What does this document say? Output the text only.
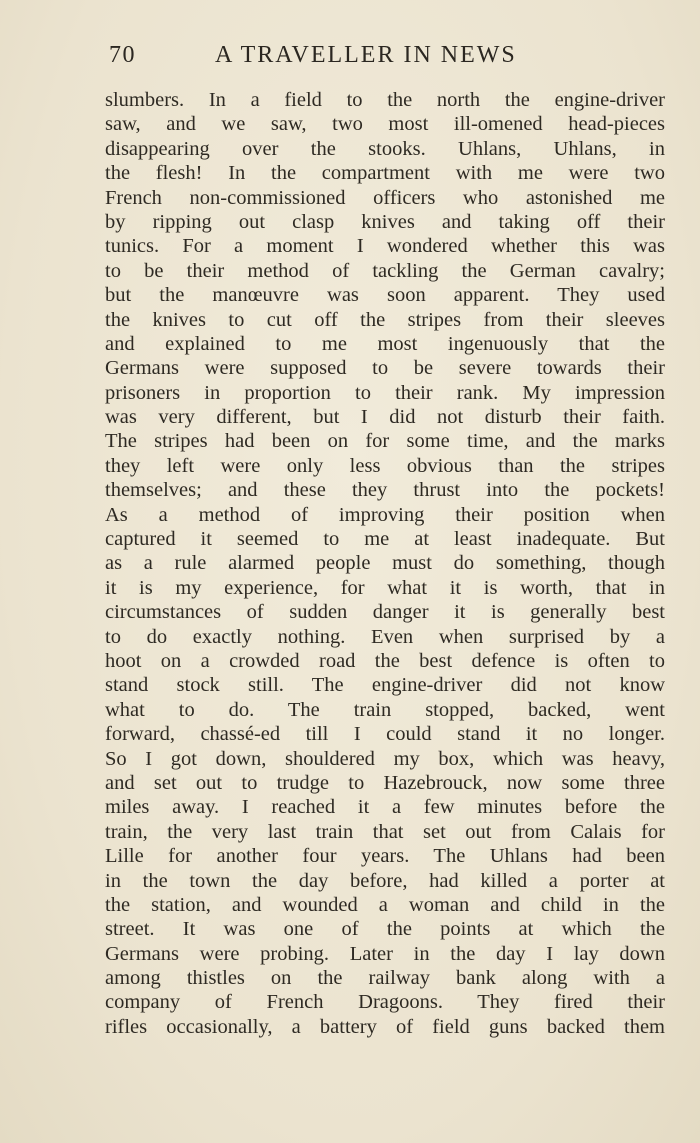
70	A TRAVELLER IN NEWS
slumbers. In a field to the north the engine-driver
saw, and we saw, two most ill-omened head-pieces
disappearing over the stooks. Uhlans, Uhlans, in
the flesh! In the compartment with me were two
French non-commissioned officers who astonished me
by ripping out clasp knives and taking off their
tunics. For a moment I wondered whether this was
to be their method of tackling the German cavalry;
but the manœuvre was soon apparent. They used
the knives to cut off the stripes from their sleeves
and explained to me most ingenuously that the
Germans were supposed to be severe towards their
prisoners in proportion to their rank. My impression
was very different, but I did not disturb their faith.
The stripes had been on for some time, and the marks
they left were only less obvious than the stripes
themselves; and these they thrust into the pockets!
As a method of improving their position when
captured it seemed to me at least inadequate. But
as a rule alarmed people must do something, though
it is my experience, for what it is worth, that in
circumstances of sudden danger it is generally best
to do exactly nothing. Even when surprised by a
hoot on a crowded road the best defence is often to
stand stock still. The engine-driver did not know
what to do. The train stopped, backed, went
forward, chassé-ed till I could stand it no longer.
So I got down, shouldered my box, which was heavy,
and set out to trudge to Hazebrouck, now some three
miles away. I reached it a few minutes before the
train, the very last train that set out from Calais for
Lille for another four years. The Uhlans had been
in the town the day before, had killed a porter at
the station, and wounded a woman and child in the
street. It was one of the points at which the
Germans were probing. Later in the day I lay down
among thistles on the railway bank along with a
company of French Dragoons. They fired their
rifles occasionally, a battery of field guns backed them
